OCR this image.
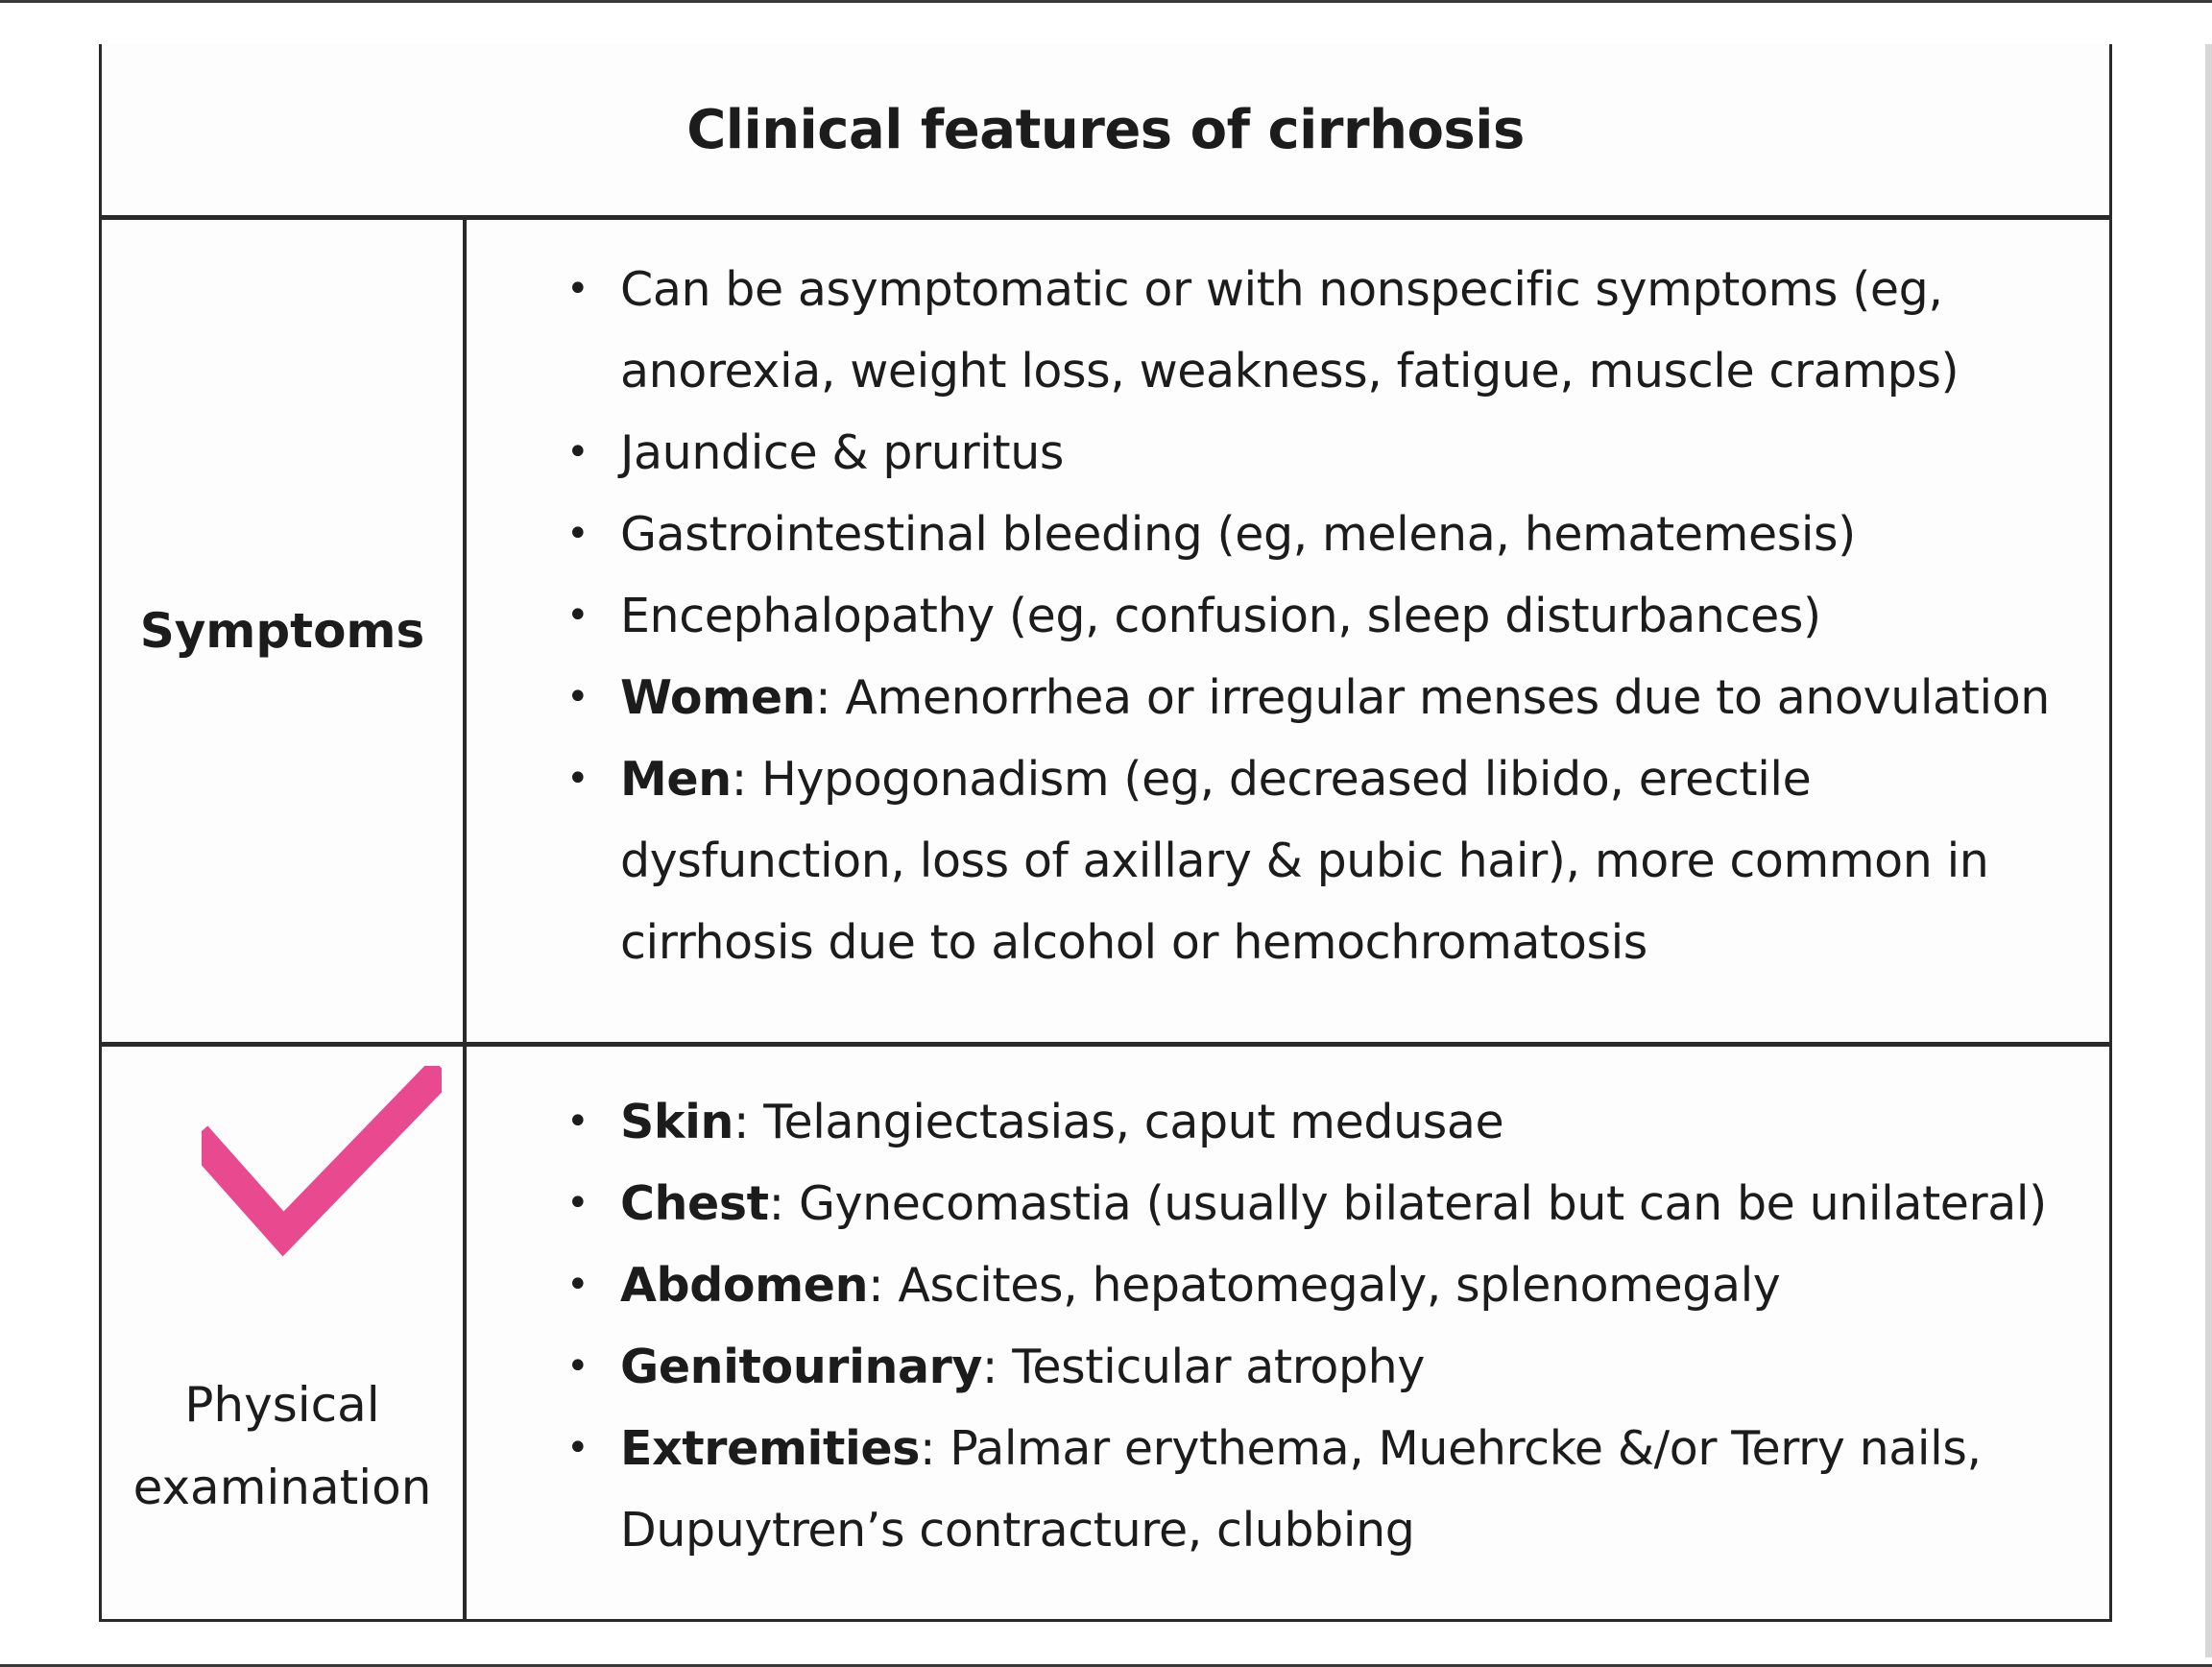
Clinical features of cirrhosis
Symptoms
• Can be asymptomatic or with nonspecific symptoms (eg,
anorexia, weight loss, weakness, fatigue, muscle cramps)
• Jaundice & pruritus
• Gastrointestinal bleeding (eg, melena, hematemesis)
• Encephalopathy (eg, confusion, sleep disturbances)
• Women: Amenorrhea or irregular menses due to anovulation
• Men: Hypogonadism (eg, decreased libido, erectile
dysfunction, loss of axillary & pubic hair), more common in
cirrhosis due to alcohol or hemochromatosis
Physical
examination
• Skin: Telangiectasias, caput medusae
• Chest: Gynecomastia (usually bilateral but can be unilateral)
• Abdomen: Ascites, hepatomegaly, splenomegaly
• Genitourinary: Testicular atrophy
• Extremities: Palmar erythema, Muehrcke &/or Terry nails,
Dupuytren’s contracture, clubbing
